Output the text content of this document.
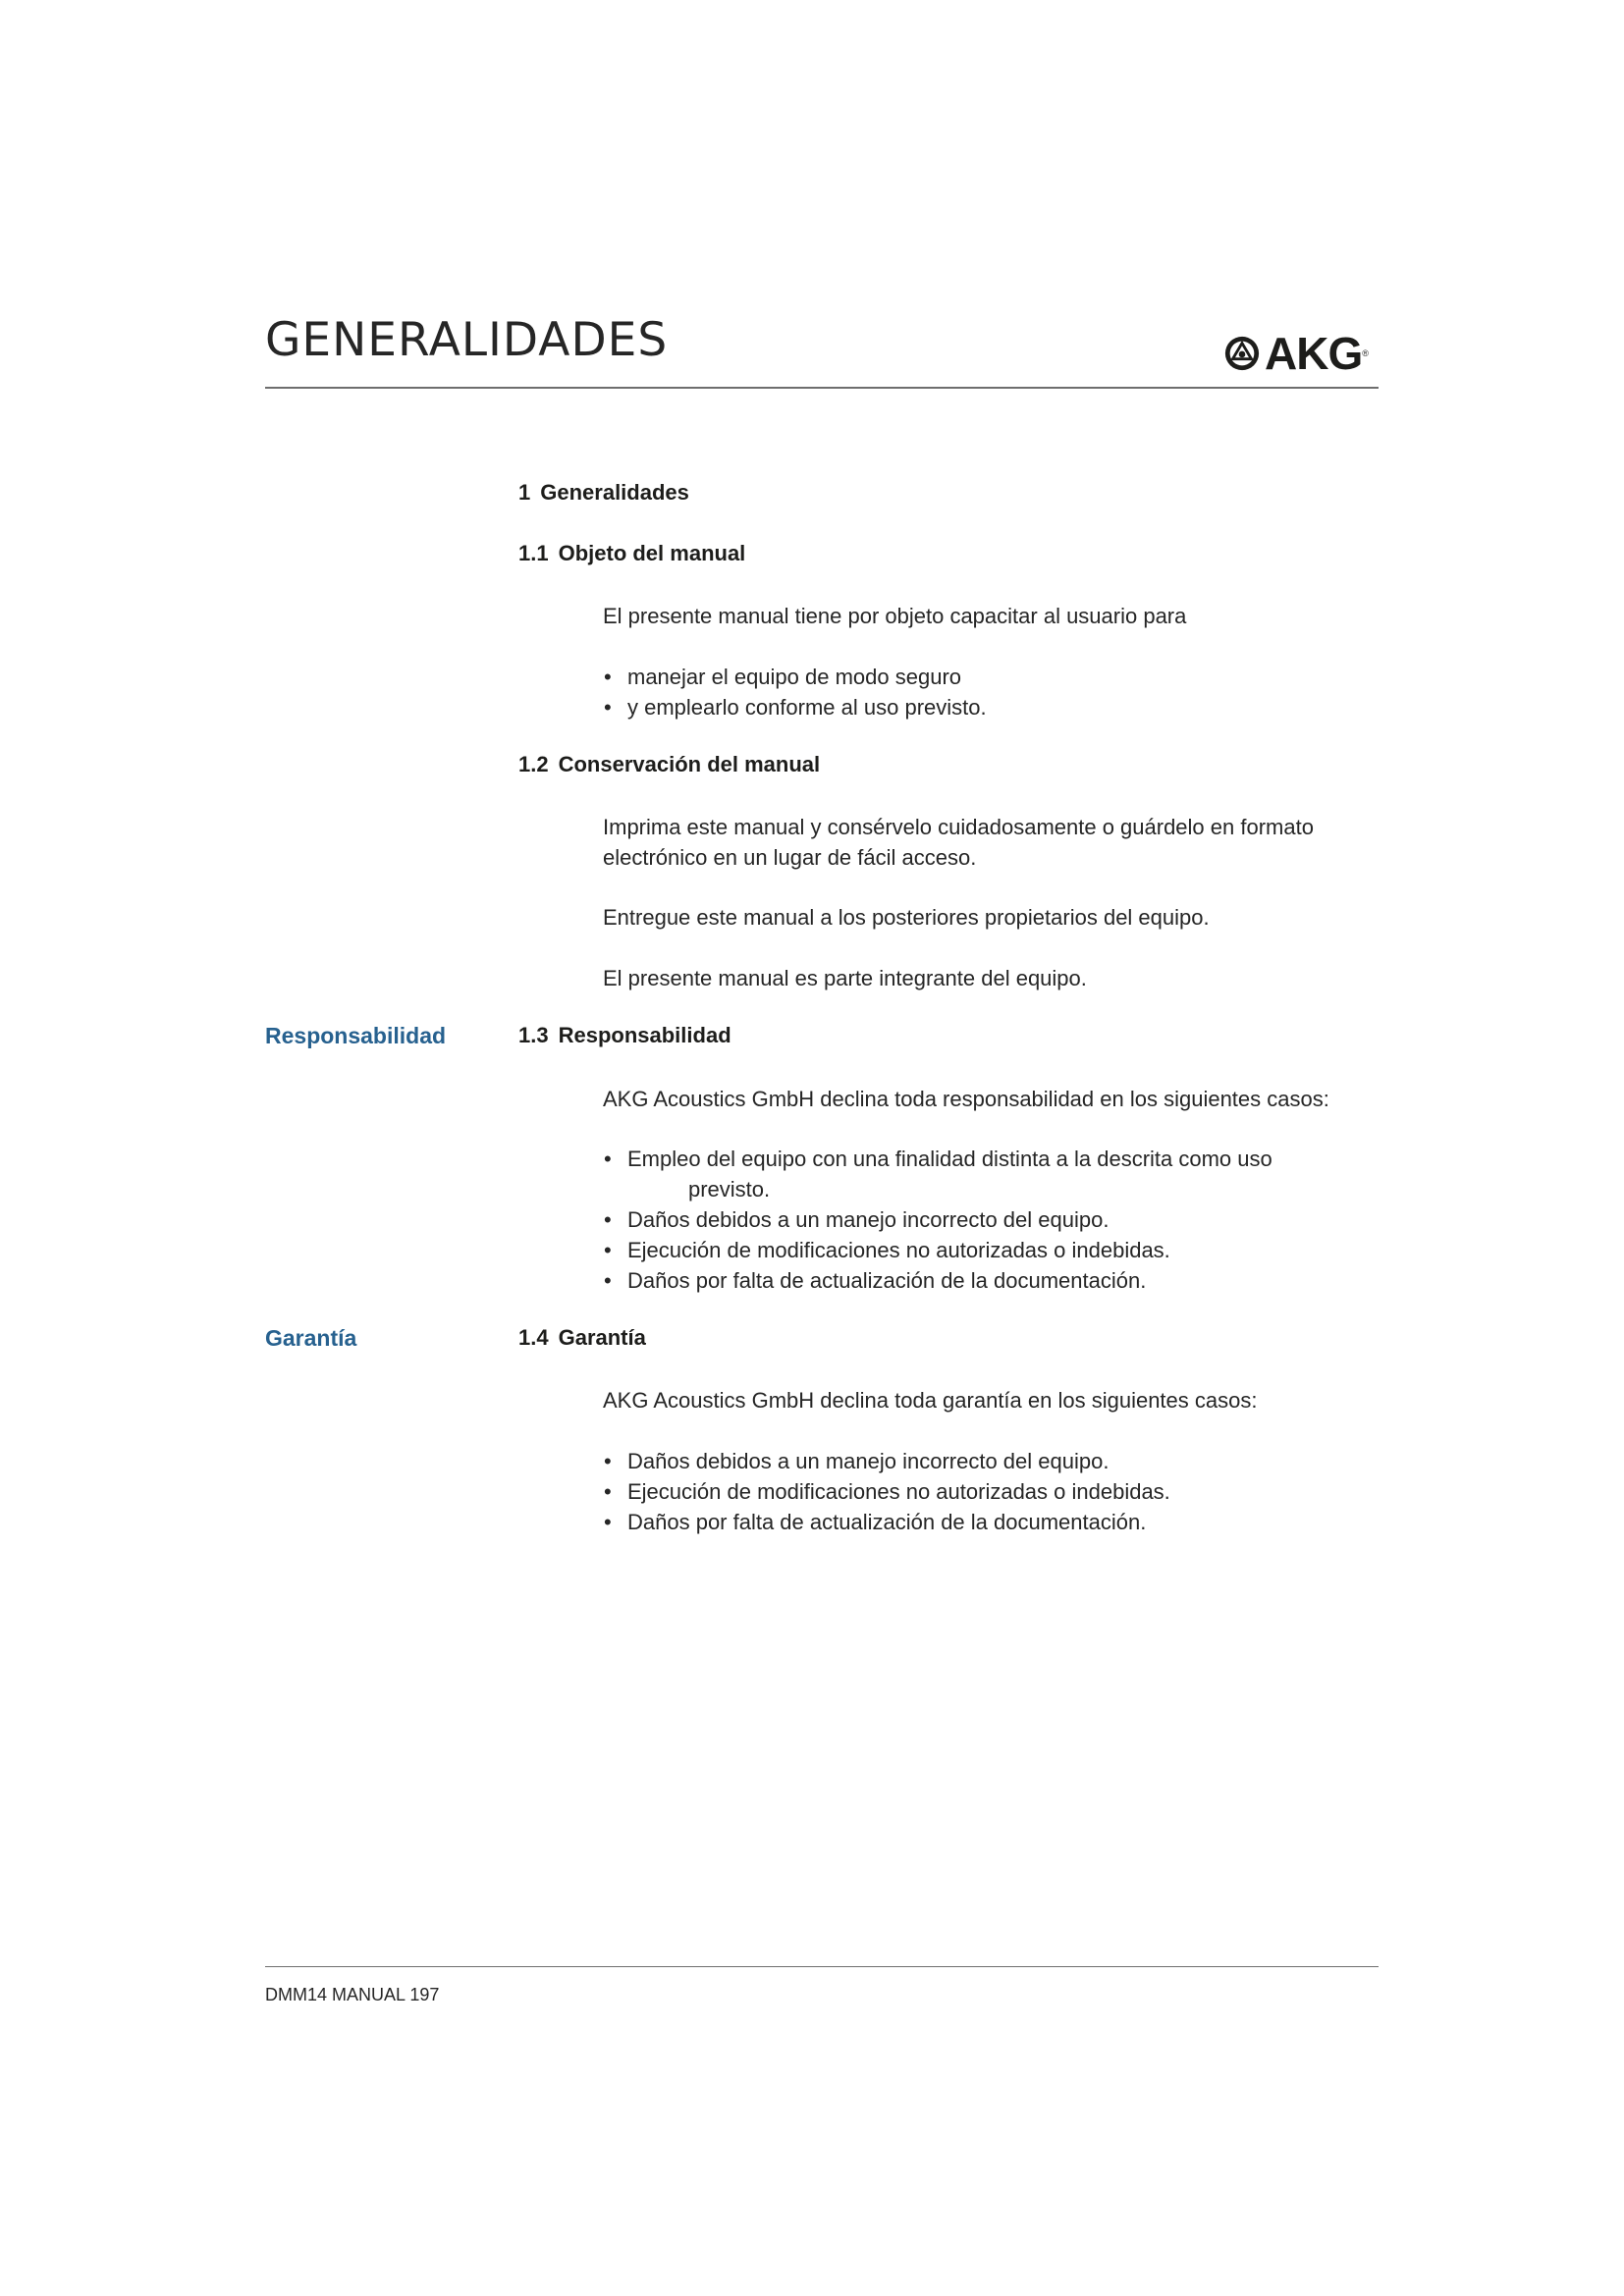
GENERALIDADES	AKG ®
1 Generalidades
1.1 Objeto del manual

El presente manual tiene por objeto capacitar al usuario para

• manejar el equipo de modo seguro
• y emplearlo conforme al uso previsto.
1.2 Conservación del manual

Imprima este manual y consérvelo cuidadosamente o guárdelo en formato electrónico en un lugar de fácil acceso.

Entregue este manual a los posteriores propietarios del equipo.

El presente manual es parte integrante del equipo.

Responsabilidad	1.3 Responsabilidad

AKG Acoustics GmbH declina toda responsabilidad en los siguientes casos:

• Empleo del equipo con una finalidad distinta a la descrita como uso
previsto.
• Daños debidos a un manejo incorrecto del equipo.
• Ejecución de modificaciones no autorizadas o indebidas.
• Daños por falta de actualización de la documentación.
Garantía	1.4 Garantía

AKG Acoustics GmbH declina toda garantía en los siguientes casos:

• Daños debidos a un manejo incorrecto del equipo.
• Ejecución de modificaciones no autorizadas o indebidas.
• Daños por falta de actualización de la documentación.
DMM14 MANUAL 197
